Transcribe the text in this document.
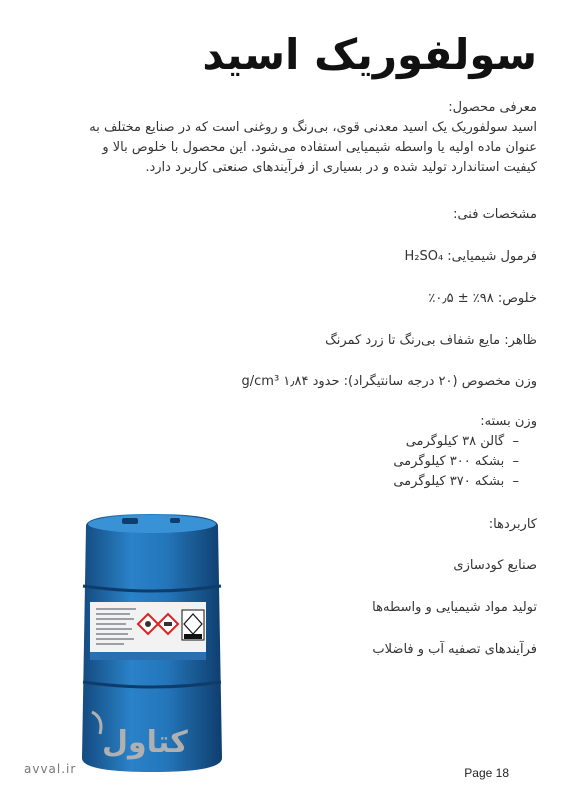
سولفوریک اسید
معرفی محصول:
اسید سولفوریک یک اسید معدنی قوی، بی‌رنگ و روغنی است که در صنایع مختلف به
عنوان ماده اولیه یا واسطه شیمیایی استفاده می‌شود. این محصول با خلوص بالا و
کیفیت استاندارد تولید شده و در بسیاری از فرآیندهای صنعتی کاربرد دارد.
مشخصات فنی:
فرمول شیمیایی: H₂SO₄
خلوص: ۹۸٪ ± ۰٫۵٪
ظاهر: مایع شفاف بی‌رنگ تا زرد کمرنگ
وزن مخصوص (۲۰ درجه سانتیگراد): حدود ۱٫۸۴ g/cm³
وزن بسته:
–  گالن ۳۸ کیلوگرمی
–  بشکه ۳۰۰ کیلوگرمی
–  بشکه ۳۷۰ کیلوگرمی
کاربردها:
صنایع کودسازی
تولید مواد شیمیایی و واسطه‌ها
فرآیندهای تصفیه آب و فاضلاب
کتاول
avval.ir	Page 18
